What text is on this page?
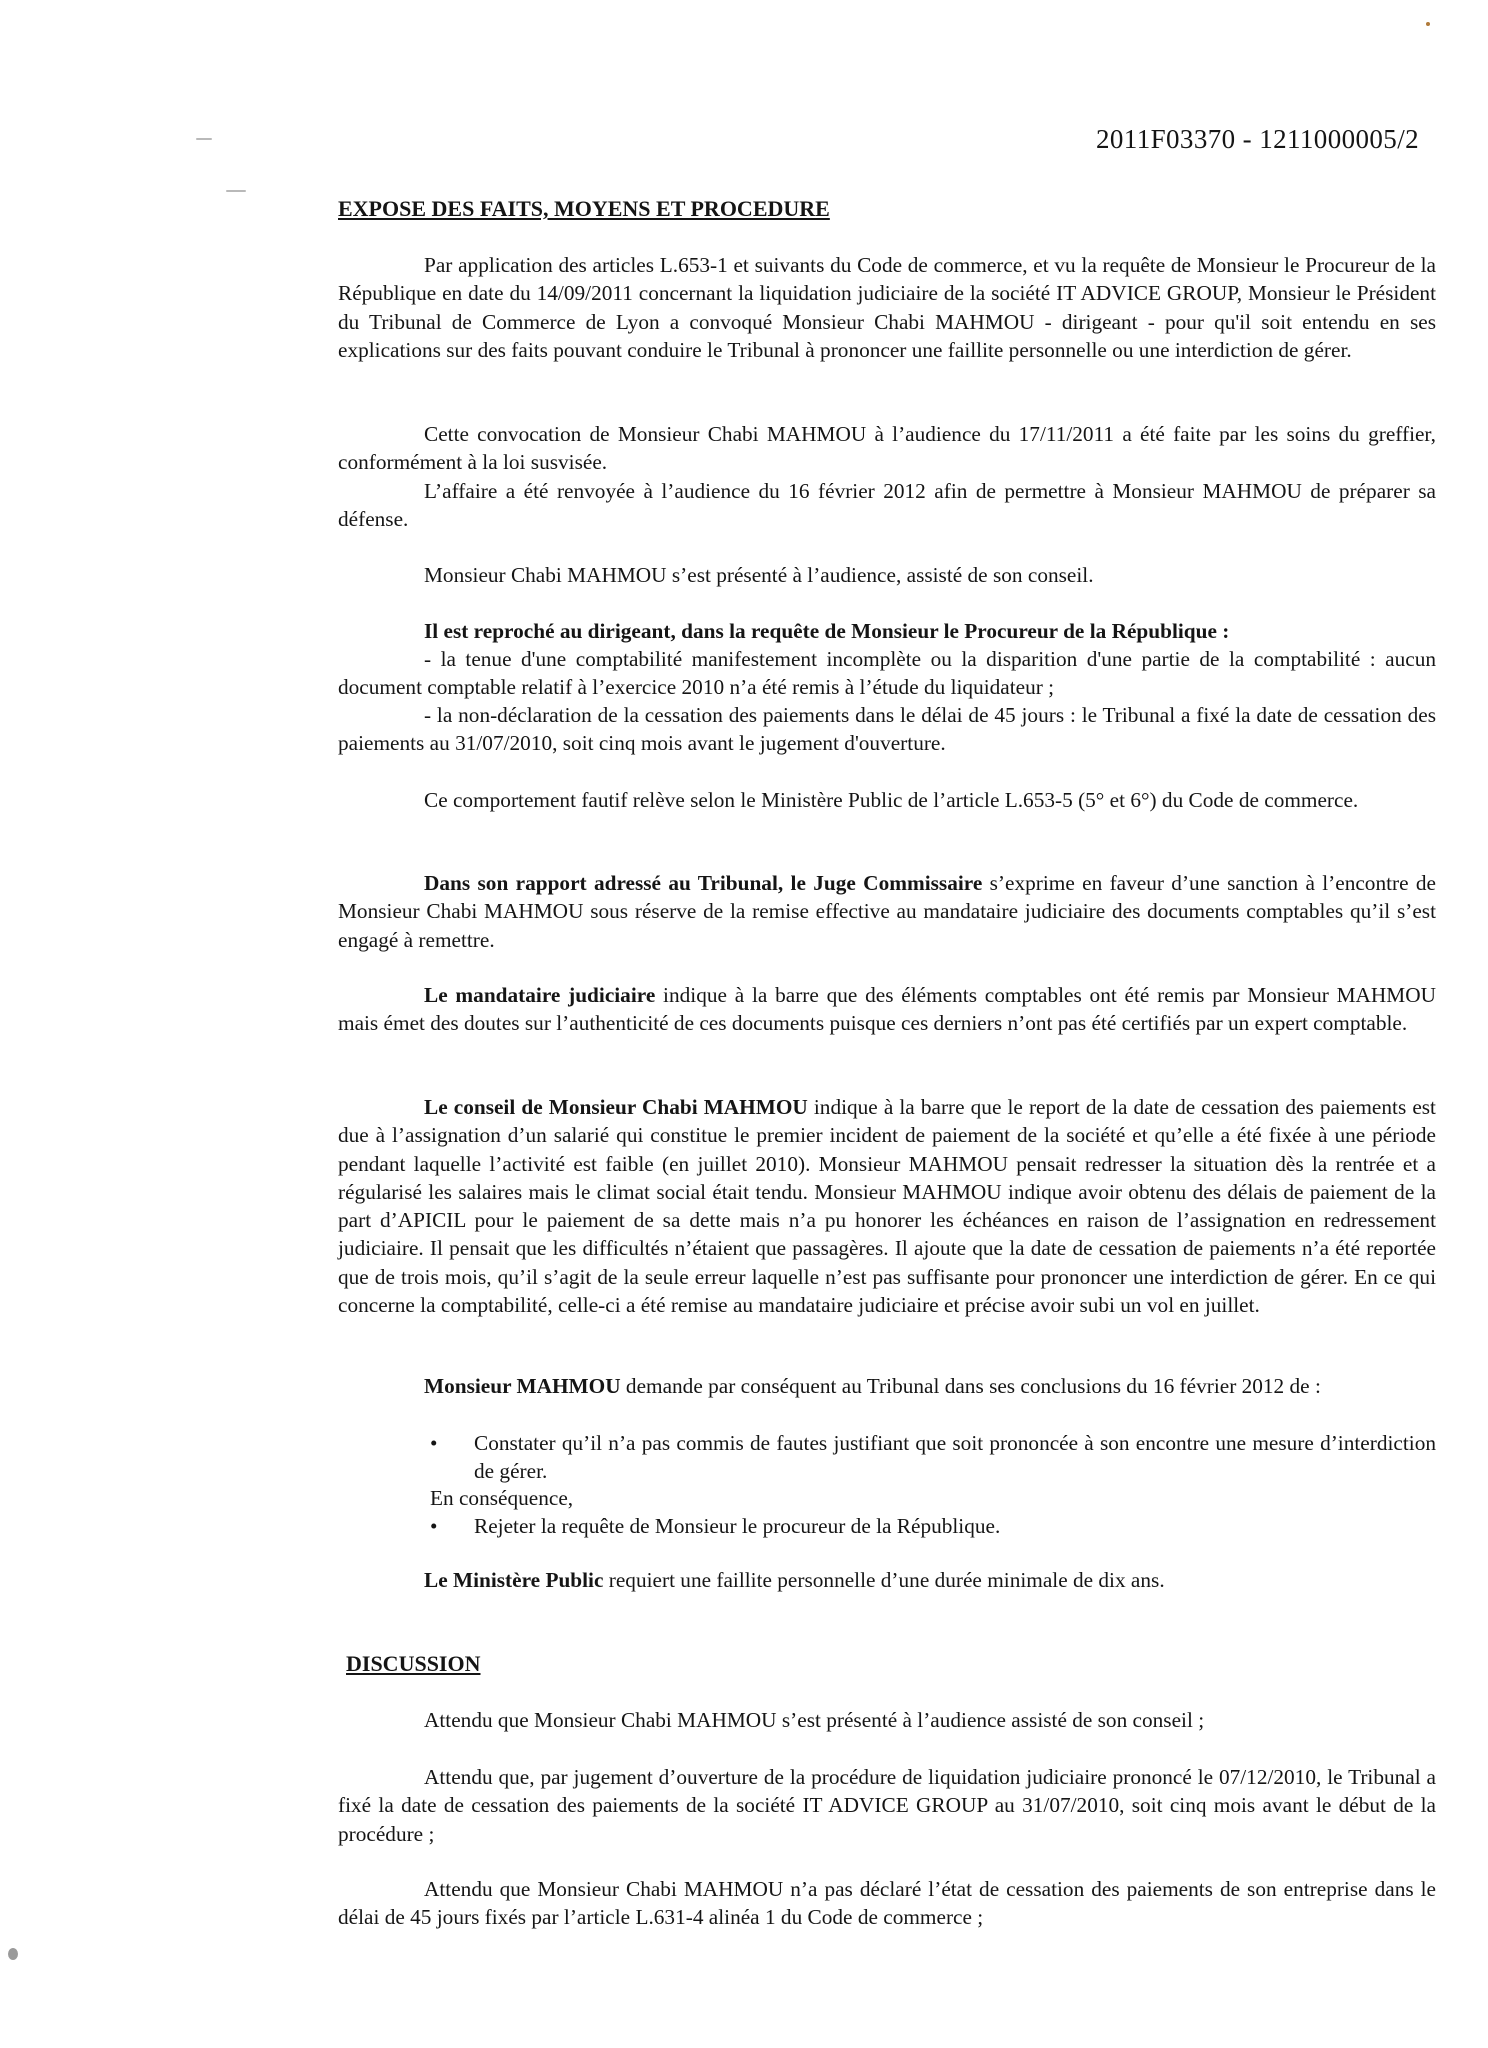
2011F03370 - 1211000005/2
EXPOSE DES FAITS, MOYENS ET PROCEDURE

Par application des articles L.653-1 et suivants du Code de commerce, et vu la requête de Monsieur le Procureur de la République en date du 14/09/2011 concernant la liquidation judiciaire de la société IT ADVICE GROUP, Monsieur le Président du Tribunal de Commerce de Lyon a convoqué Monsieur Chabi MAHMOU - dirigeant - pour qu'il soit entendu en ses explications sur des faits pouvant conduire le Tribunal à prononcer une faillite personnelle ou une interdiction de gérer.

Cette convocation de Monsieur Chabi MAHMOU à l’audience du 17/11/2011 a été faite par les soins du greffier, conformément à la loi susvisée.

L’affaire a été renvoyée à l’audience du 16 février 2012 afin de permettre à Monsieur MAHMOU de préparer sa défense.

Monsieur Chabi MAHMOU s’est présenté à l’audience, assisté de son conseil.

Il est reproché au dirigeant, dans la requête de Monsieur le Procureur de la République :

- la tenue d'une comptabilité manifestement incomplète ou la disparition d'une partie de la comptabilité : aucun document comptable relatif à l’exercice 2010 n’a été remis à l’étude du liquidateur ;

- la non-déclaration de la cessation des paiements dans le délai de 45 jours : le Tribunal a fixé la date de cessation des paiements au 31/07/2010, soit cinq mois avant le jugement d'ouverture.

Ce comportement fautif relève selon le Ministère Public de l’article L.653-5 (5° et 6°) du Code de commerce.

Dans son rapport adressé au Tribunal, le Juge Commissaire s’exprime en faveur d’une sanction à l’encontre de Monsieur Chabi MAHMOU sous réserve de la remise effective au mandataire judiciaire des documents comptables qu’il s’est engagé à remettre.

Le mandataire judiciaire indique à la barre que des éléments comptables ont été remis par Monsieur MAHMOU mais émet des doutes sur l’authenticité de ces documents puisque ces derniers n’ont pas été certifiés par un expert comptable.

Le conseil de Monsieur Chabi MAHMOU indique à la barre que le report de la date de cessation des paiements est due à l’assignation d’un salarié qui constitue le premier incident de paiement de la société et qu’elle a été fixée à une période pendant laquelle l’activité est faible (en juillet 2010). Monsieur MAHMOU pensait redresser la situation dès la rentrée et a régularisé les salaires mais le climat social était tendu. Monsieur MAHMOU indique avoir obtenu des délais de paiement de la part d’APICIL pour le paiement de sa dette mais n’a pu honorer les échéances en raison de l’assignation en redressement judiciaire. Il pensait que les difficultés n’étaient que passagères. Il ajoute que la date de cessation de paiements n’a été reportée que de trois mois, qu’il s’agit de la seule erreur laquelle n’est pas suffisante pour prononcer une interdiction de gérer. En ce qui concerne la comptabilité, celle-ci a été remise au mandataire judiciaire et précise avoir subi un vol en juillet.

Monsieur MAHMOU demande par conséquent au Tribunal dans ses conclusions du 16 février 2012 de :

• Constater qu’il n’a pas commis de fautes justifiant que soit prononcée à son encontre une mesure d’interdiction de gérer.

En conséquence,
• Rejeter la requête de Monsieur le procureur de la République.

Le Ministère Public requiert une faillite personnelle d’une durée minimale de dix ans.

DISCUSSION

Attendu que Monsieur Chabi MAHMOU s’est présenté à l’audience assisté de son conseil ;

Attendu que, par jugement d’ouverture de la procédure de liquidation judiciaire prononcé le 07/12/2010, le Tribunal a fixé la date de cessation des paiements de la société IT ADVICE GROUP au 31/07/2010, soit cinq mois avant le début de la procédure ;

Attendu que Monsieur Chabi MAHMOU n’a pas déclaré l’état de cessation des paiements de son entreprise dans le délai de 45 jours fixés par l’article L.631-4 alinéa 1 du Code de commerce ;
